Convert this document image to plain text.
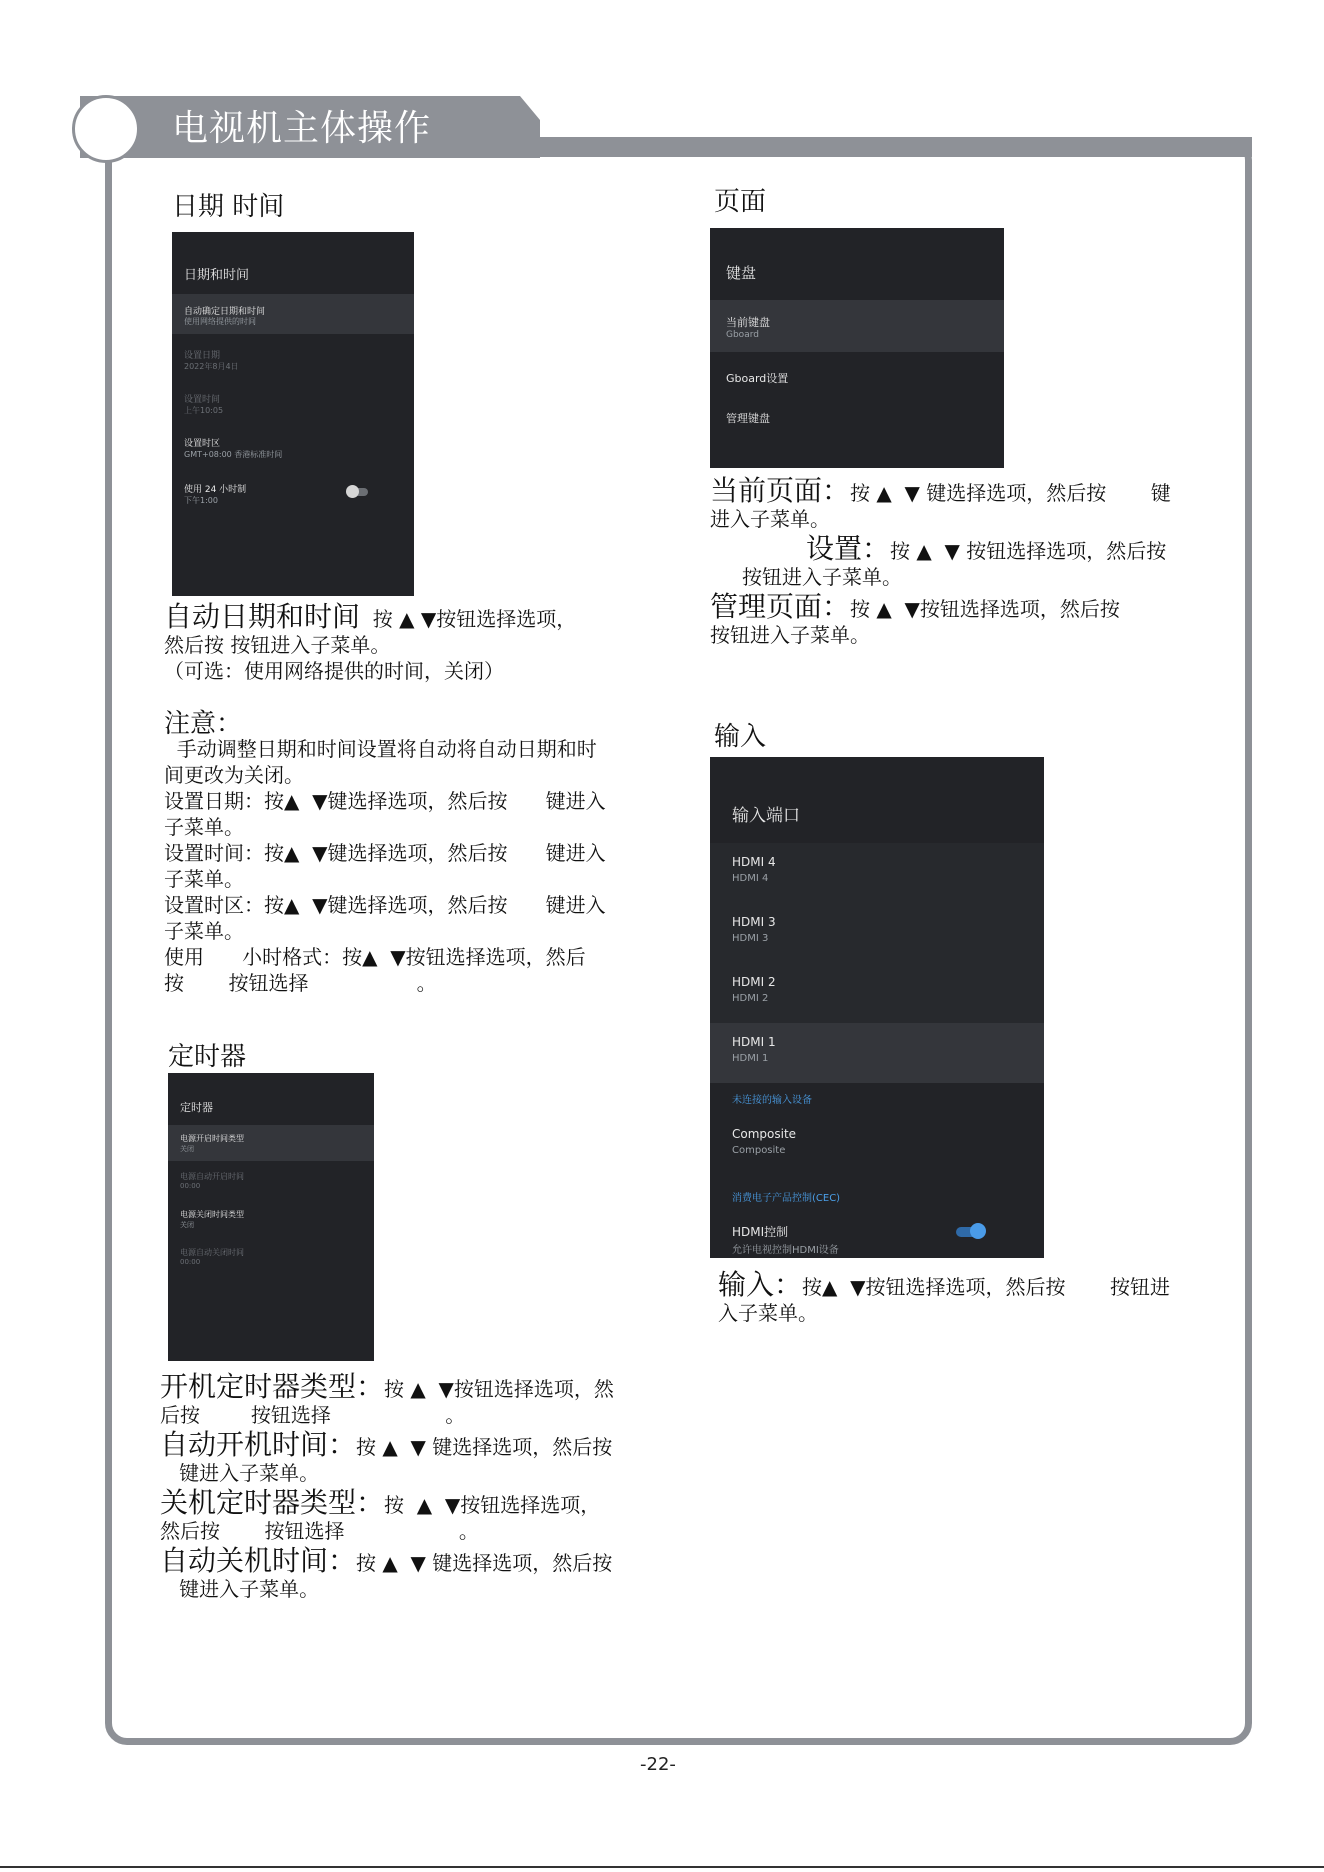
电视机主体操作
日期 时间
日期和时间
自动确定日期和时间
使用网络提供的时间
设置日期
2022年8月4日
设置时间
上午10:05
设置时区
GMT+08:00 香港标准时间
使用 24 小时制
下午1:00
自动日期和时间 按 ▲ ▼按钮选择选项，
然后按 按钮进入子菜单。
（可选：使用网络提供的时间，关闭）
注意：
手动调整日期和时间设置将自动将自动日期和时
间更改为关闭。
设置日期：按▲  ▼键选择选项，然后按      键进入
子菜单。
设置时间：按▲  ▼键选择选项，然后按      键进入
子菜单。
设置时区：按▲  ▼键选择选项，然后按      键进入
子菜单。
使用      小时格式：按▲  ▼按钮选择选项，然后
按       按钮选择                 。
定时器
定时器
电源开启时间类型
关闭
电源自动开启时间
00:00
电源关闭时间类型
关闭
电源自动关闭时间
00:00
开机定时器类型：按 ▲  ▼按钮选择选项，然
后按        按钮选择                  。
自动开机时间：按 ▲  ▼ 键选择选项，然后按
键进入子菜单。
关机定时器类型：按  ▲  ▼按钮选择选项，
然后按       按钮选择                  。
自动关机时间：按 ▲  ▼ 键选择选项，然后按
键进入子菜单。
页面
键盘
当前键盘
Gboard
Gboard设置
管理键盘
当前页面：按 ▲  ▼ 键选择选项，然后按       键
进入子菜单。
设置：按 ▲  ▼ 按钮选择选项，然后按
按钮进入子菜单。
管理页面：按 ▲  ▼按钮选择选项，然后按
按钮进入子菜单。
输入
输入端口
HDMI 4
HDMI 4
HDMI 3
HDMI 3
HDMI 2
HDMI 2
HDMI 1
HDMI 1
未连接的输入设备
Composite
Composite
消费电子产品控制(CEC)
HDMI控制
允许电视控制HDMI设备
输入：按▲  ▼按钮选择选项，然后按       按钮进
入子菜单。
-22-
